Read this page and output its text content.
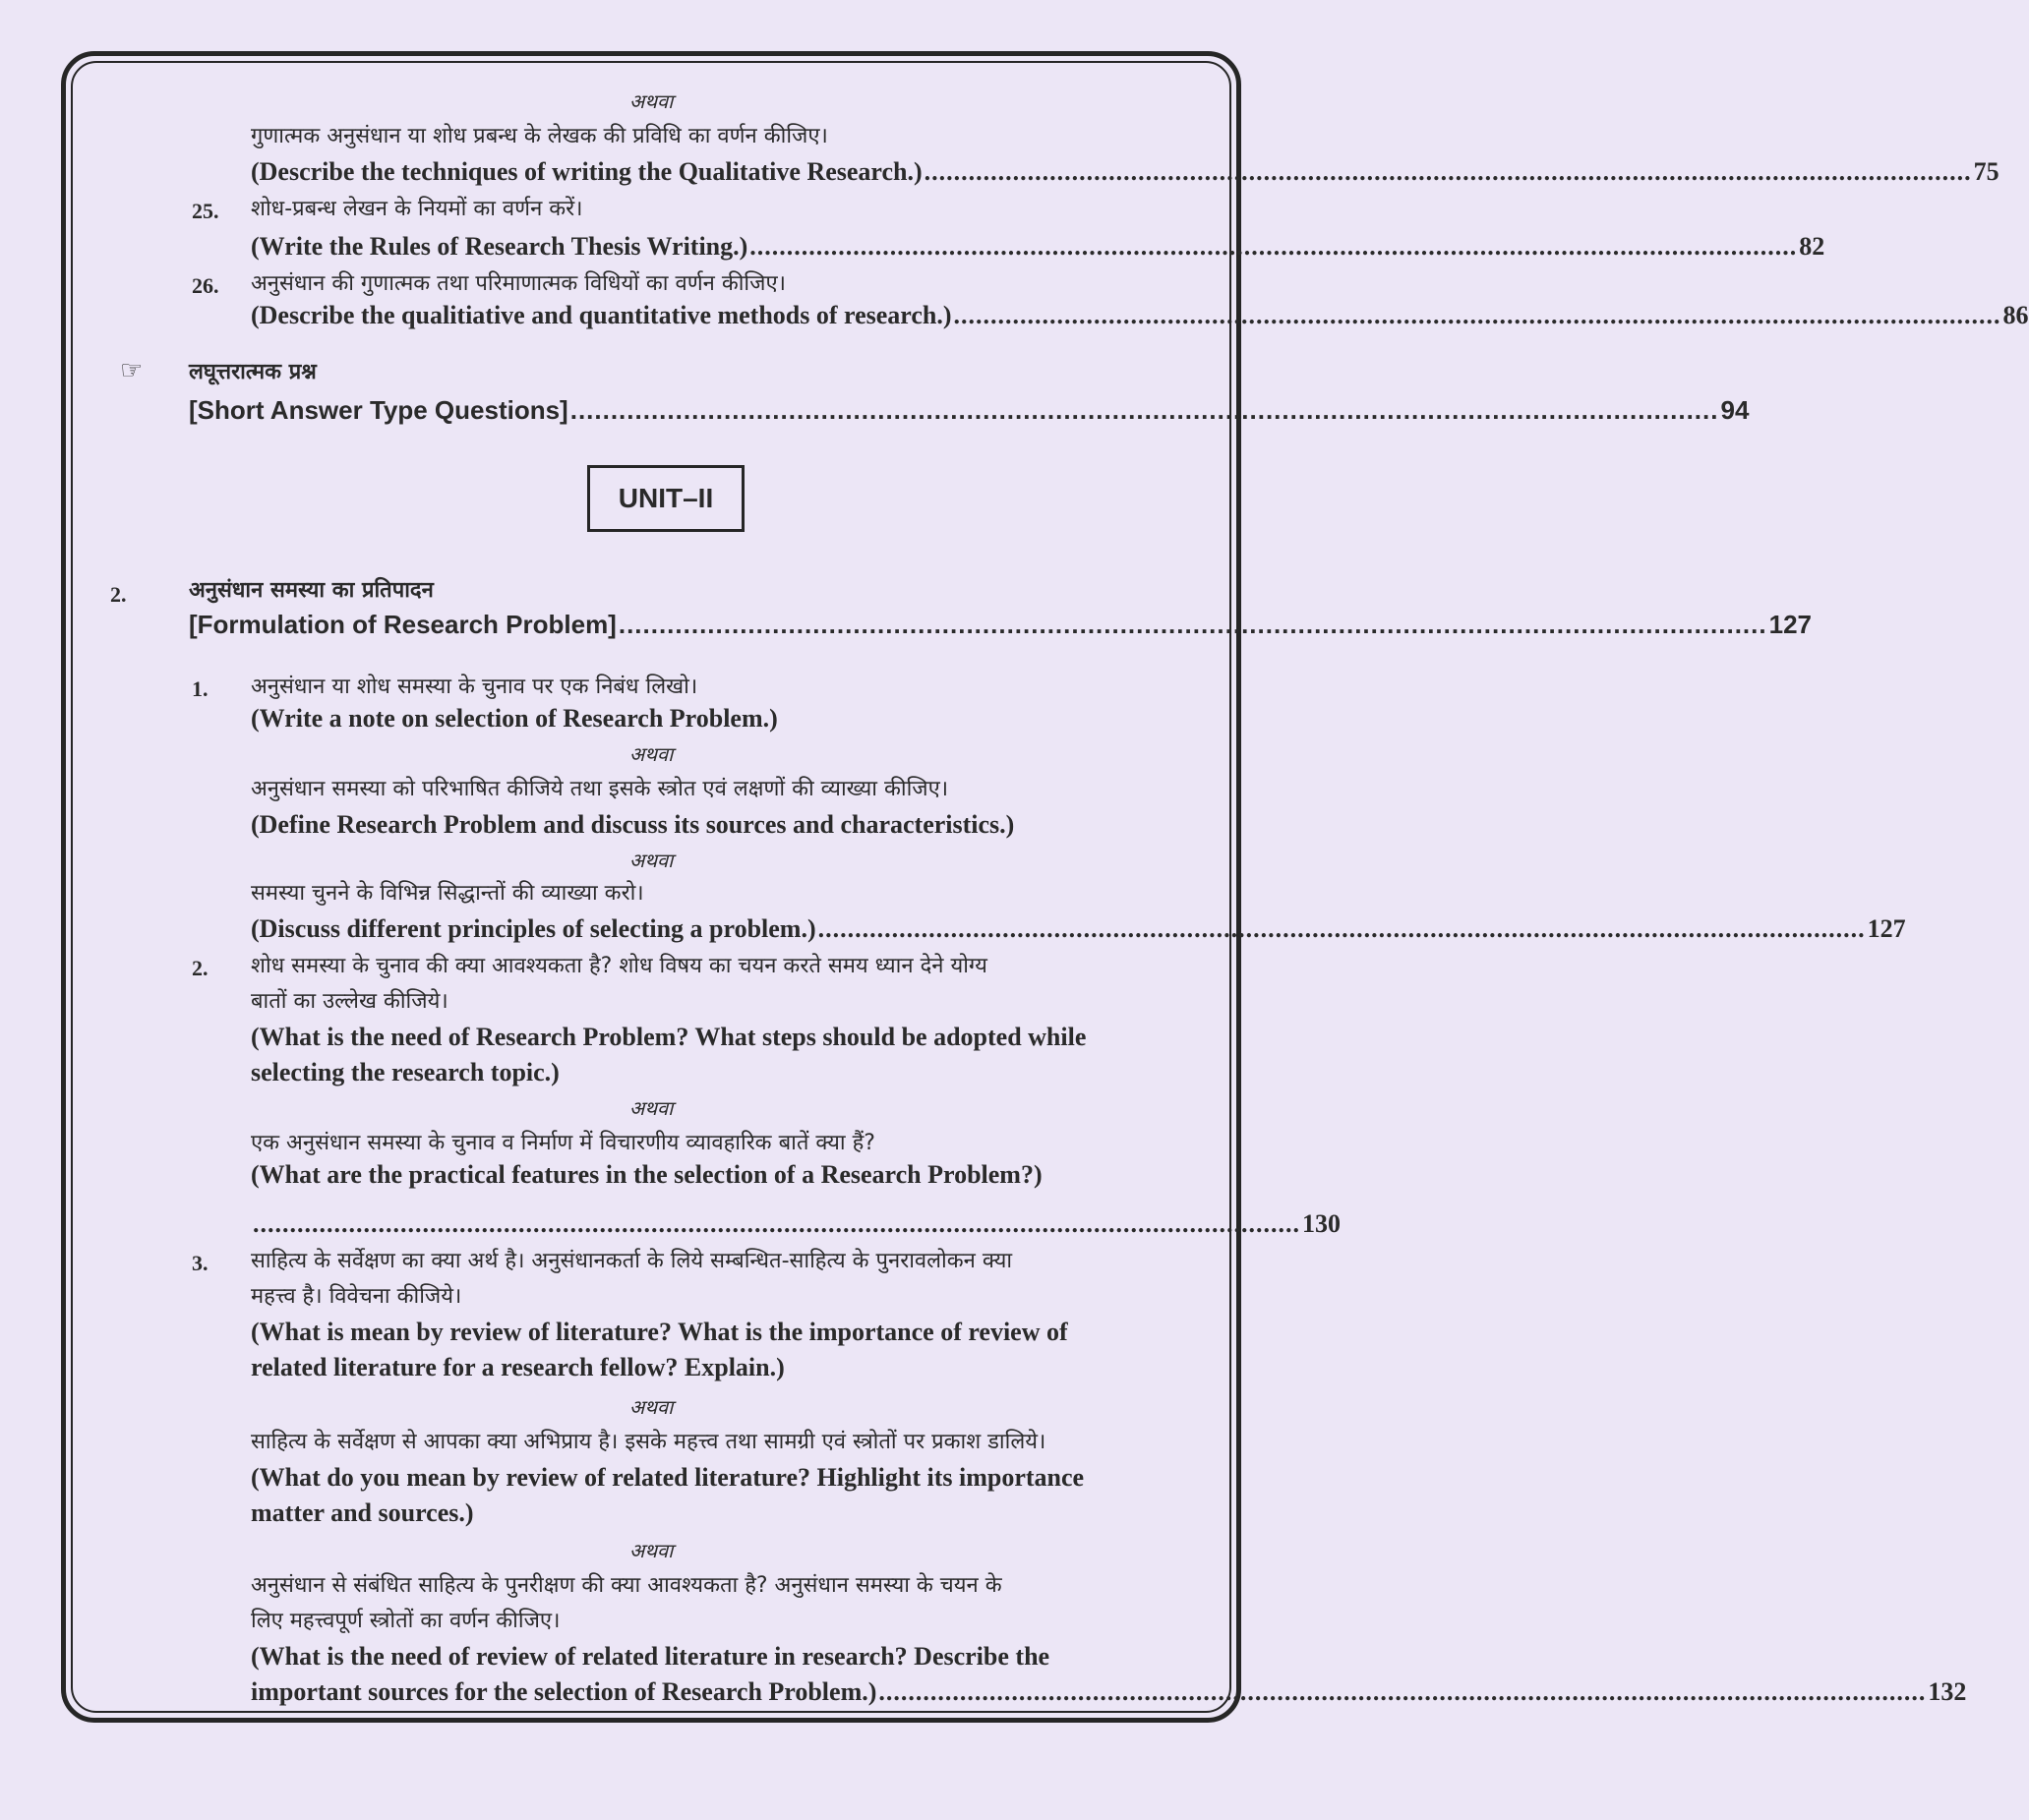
अथवा
गुणात्मक अनुसंधान या शोध प्रबन्ध के लेखक की प्रविधि का वर्णन कीजिए।
(Describe the techniques of writing the Qualitative Research.) .............................................................................................................................................. 75
25. शोध-प्रबन्ध लेखन के नियमों का वर्णन करें।
(Write the Rules of Research Thesis Writing.) .............................................................................................................................................. 82
26. अनुसंधान की गुणात्मक तथा परिमाणात्मक विधियों का वर्णन कीजिए।
(Describe the qualitiative and quantitative methods of research.) .............................................................................................................................................. 86
☞ लघूत्तरात्मक प्रश्न
[Short Answer Type Questions] .............................................................................................................................................. 94
UNIT–II
2.	अनुसंधान समस्या का प्रतिपादन
[Formulation of Research Problem] .............................................................................................................................................. 127
1. अनुसंधान या शोध समस्या के चुनाव पर एक निबंध लिखो।
(Write a note on selection of Research Problem.)
अथवा
अनुसंधान समस्या को परिभाषित कीजिये तथा इसके स्त्रोत एवं लक्षणों की व्याख्या कीजिए।
(Define Research Problem and discuss its sources and characteristics.)
अथवा
समस्या चुनने के विभिन्न सिद्धान्तों की व्याख्या करो।
(Discuss different principles of selecting a problem.) .............................................................................................................................................. 127
2. शोध समस्या के चुनाव की क्या आवश्यकता है? शोध विषय का चयन करते समय ध्यान देने योग्य
बातों का उल्लेख कीजिये।
(What is the need of Research Problem? What steps should be adopted while
selecting the research topic.)
अथवा
एक अनुसंधान समस्या के चुनाव व निर्माण में विचारणीय व्यावहारिक बातें क्या हैं?
(What are the practical features in the selection of a Research Problem?)
.............................................................................................................................................. 130
3. साहित्य के सर्वेक्षण का क्या अर्थ है। अनुसंधानकर्ता के लिये सम्बन्धित-साहित्य के पुनरावलोकन क्या
महत्त्व है। विवेचना कीजिये।
(What is mean by review of literature? What is the importance of review of
related literature for a research fellow? Explain.)
अथवा
साहित्य के सर्वेक्षण से आपका क्या अभिप्राय है। इसके महत्त्व तथा सामग्री एवं स्त्रोतों पर प्रकाश डालिये।
(What do you mean by review of related literature? Highlight its importance
matter and sources.)
अथवा
अनुसंधान से संबंधित साहित्य के पुनरीक्षण की क्या आवश्यकता है? अनुसंधान समस्या के चयन के
लिए महत्त्वपूर्ण स्त्रोतों का वर्णन कीजिए।
(What is the need of review of related literature in research? Describe the
important sources for the selection of Research Problem.) .............................................................................................................................................. 132
